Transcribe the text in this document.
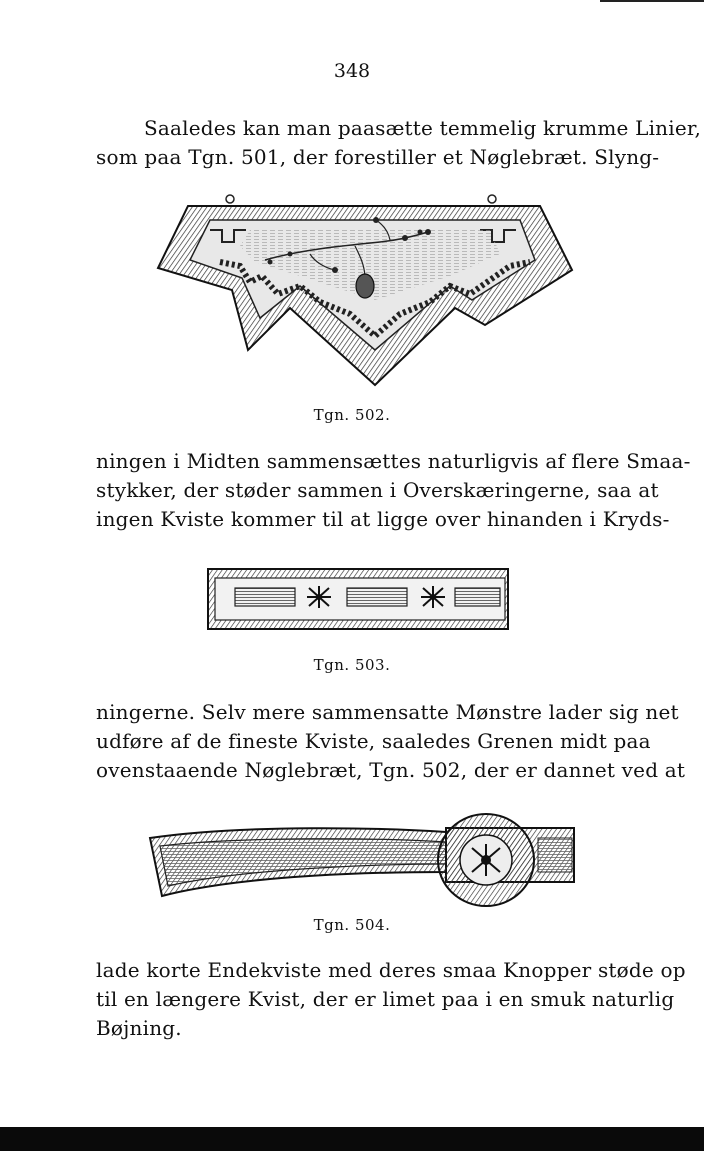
348

Saaledes kan man paasætte temmelig krumme Linier,
som paa Tgn. 501, der forestiller et Nøglebræt. Slyng-

Tgn. 502.

ningen i Midten sammensættes naturligvis af flere Smaa-
stykker, der støder sammen i Overskæringerne, saa at
ingen Kviste kommer til at ligge over hinanden i Kryds-

Tgn. 503.

ningerne. Selv mere sammensatte Mønstre lader sig net
udføre af de fineste Kviste, saaledes Grenen midt paa
ovenstaaende Nøglebræt, Tgn. 502, der er dannet ved at

Tgn. 504.

lade korte Endekviste med deres smaa Knopper støde op
til en længere Kvist, der er limet paa i en smuk naturlig
Bøjning.
